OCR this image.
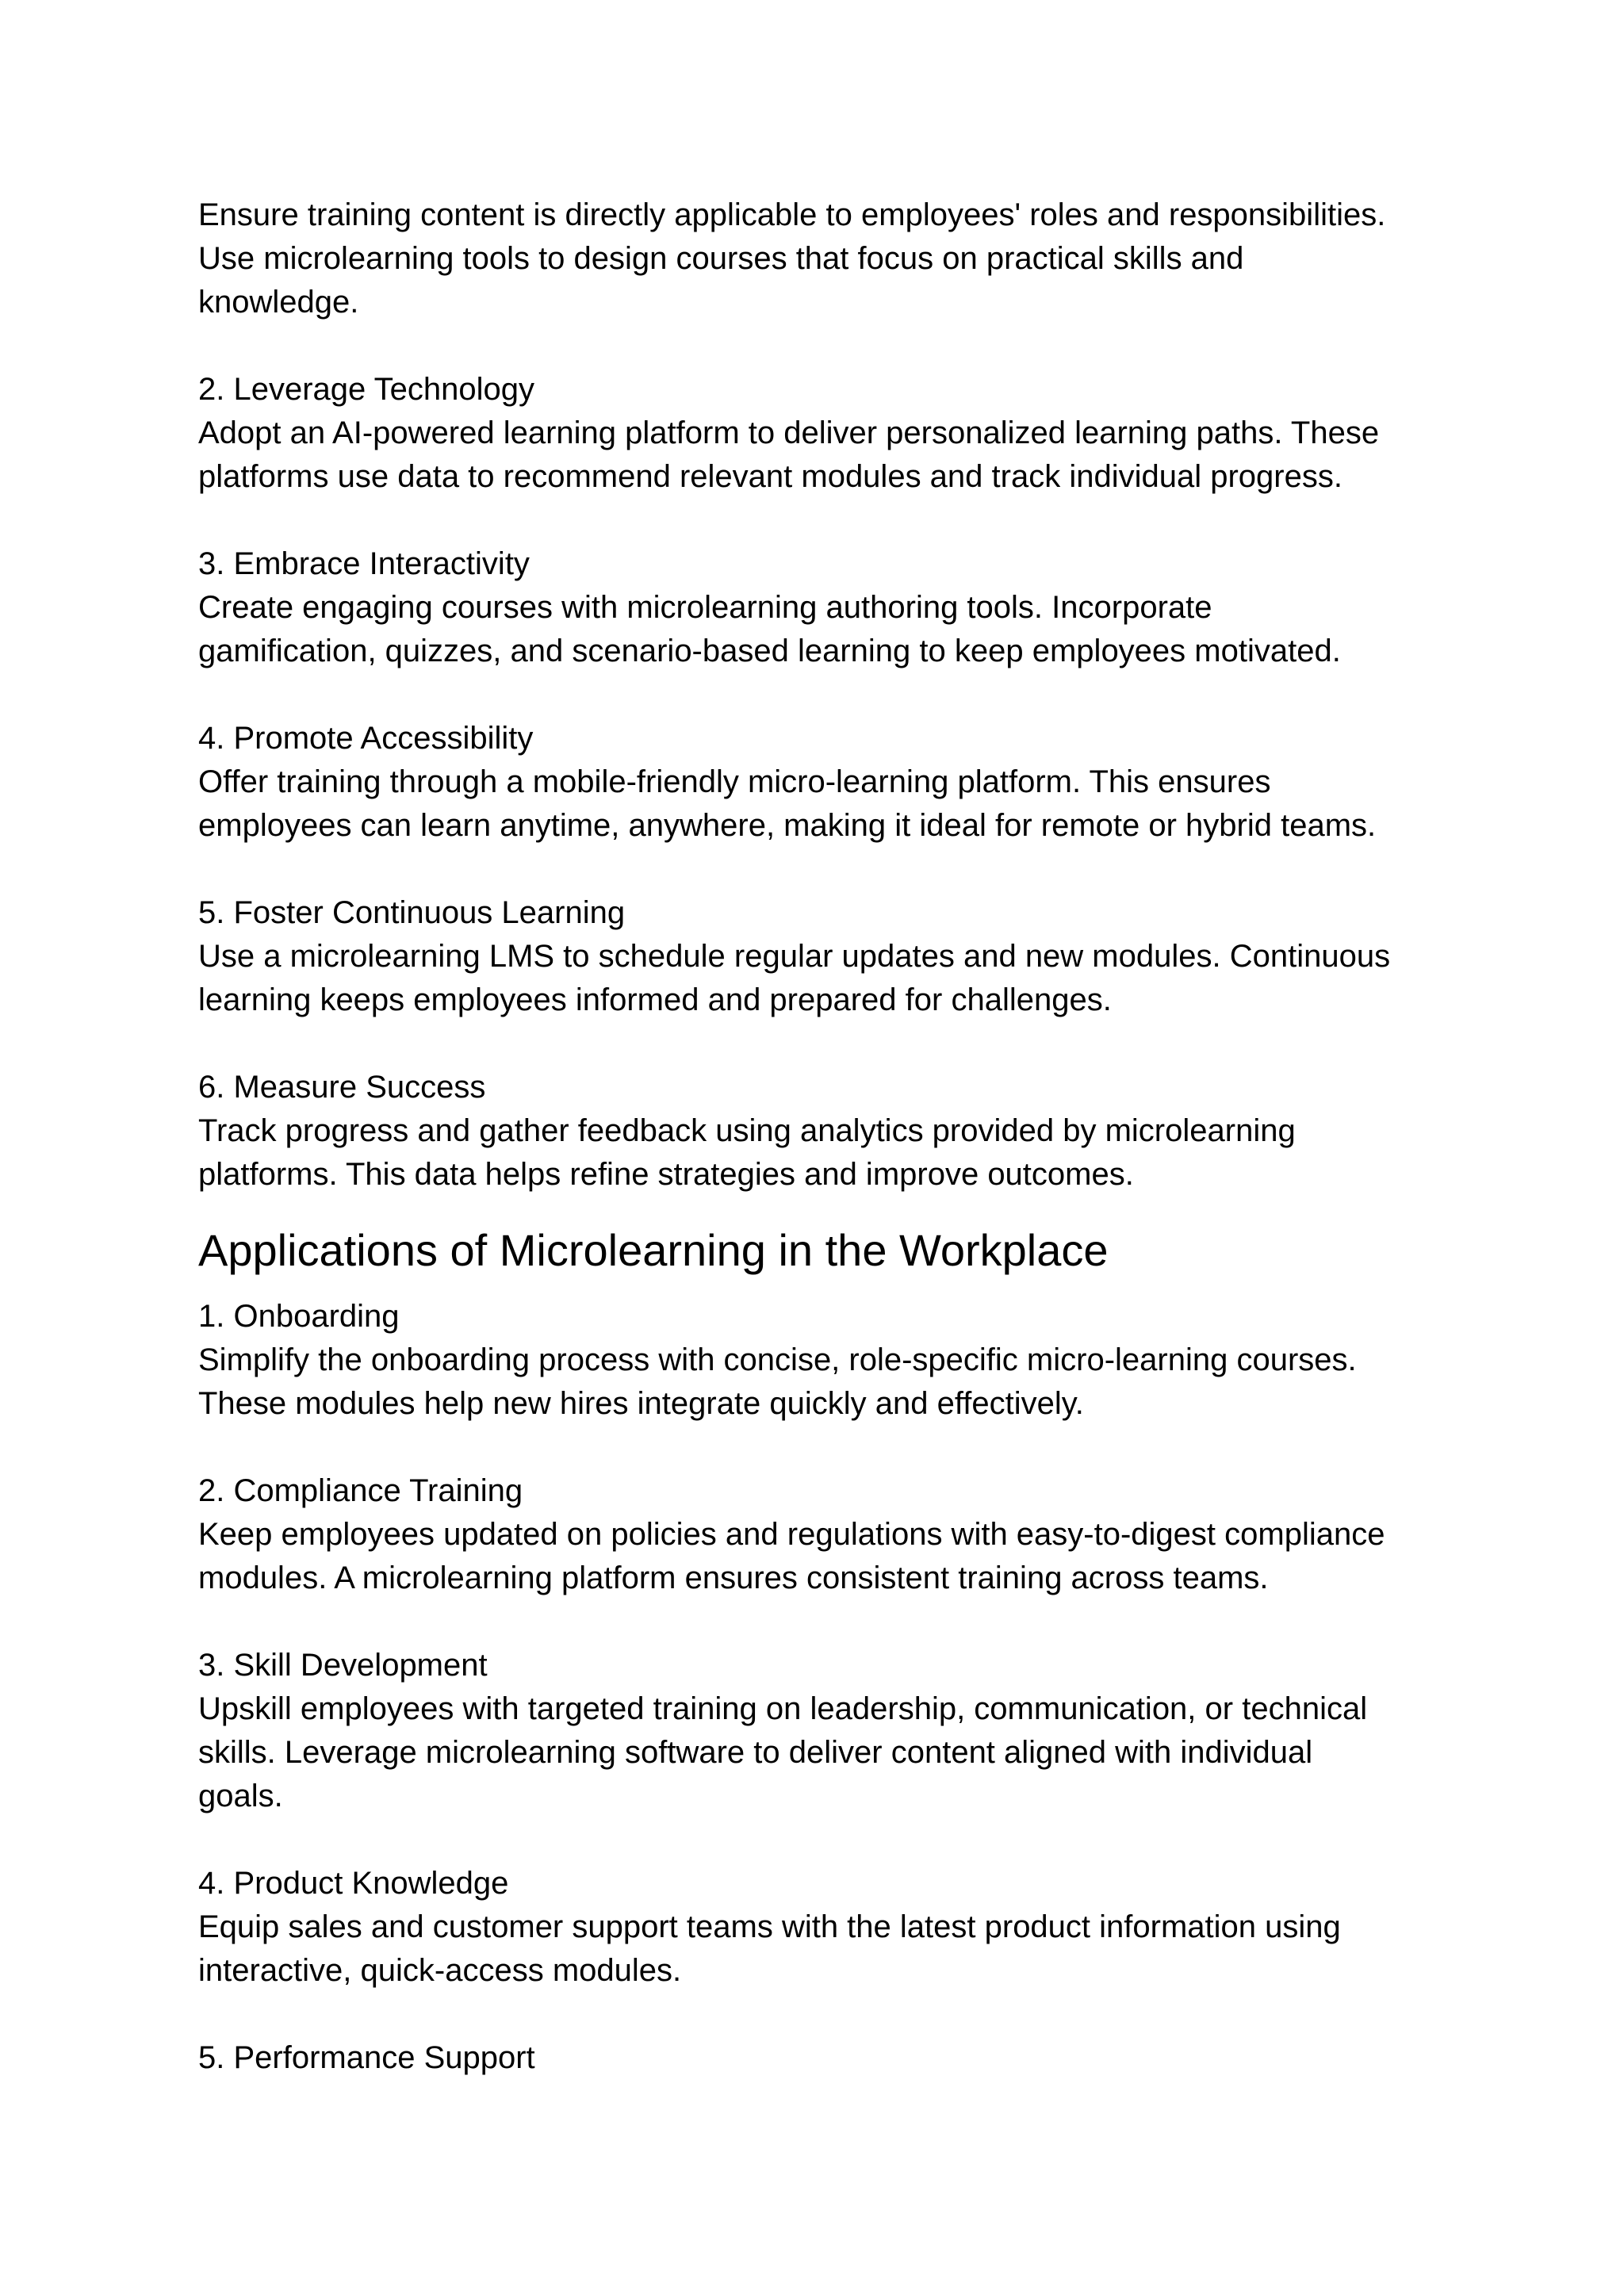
Ensure training content is directly applicable to employees' roles and responsibilities.

Use microlearning tools to design courses that focus on practical skills and

knowledge.

2. Leverage Technology

Adopt an AI-powered learning platform to deliver personalized learning paths. These

platforms use data to recommend relevant modules and track individual progress.

3. Embrace Interactivity

Create engaging courses with microlearning authoring tools. Incorporate

gamification, quizzes, and scenario-based learning to keep employees motivated.

4. Promote Accessibility

Offer training through a mobile-friendly micro-learning platform. This ensures

employees can learn anytime, anywhere, making it ideal for remote or hybrid teams.

5. Foster Continuous Learning

Use a microlearning LMS to schedule regular updates and new modules. Continuous

learning keeps employees informed and prepared for challenges.

6. Measure Success

Track progress and gather feedback using analytics provided by microlearning

platforms. This data helps refine strategies and improve outcomes.

Applications of Microlearning in the Workplace

1. Onboarding

Simplify the onboarding process with concise, role-specific micro-learning courses.

These modules help new hires integrate quickly and effectively.

2. Compliance Training

Keep employees updated on policies and regulations with easy-to-digest compliance

modules. A microlearning platform ensures consistent training across teams.

3. Skill Development

Upskill employees with targeted training on leadership, communication, or technical

skills. Leverage microlearning software to deliver content aligned with individual

goals.

4. Product Knowledge

Equip sales and customer support teams with the latest product information using

interactive, quick-access modules.

5. Performance Support
